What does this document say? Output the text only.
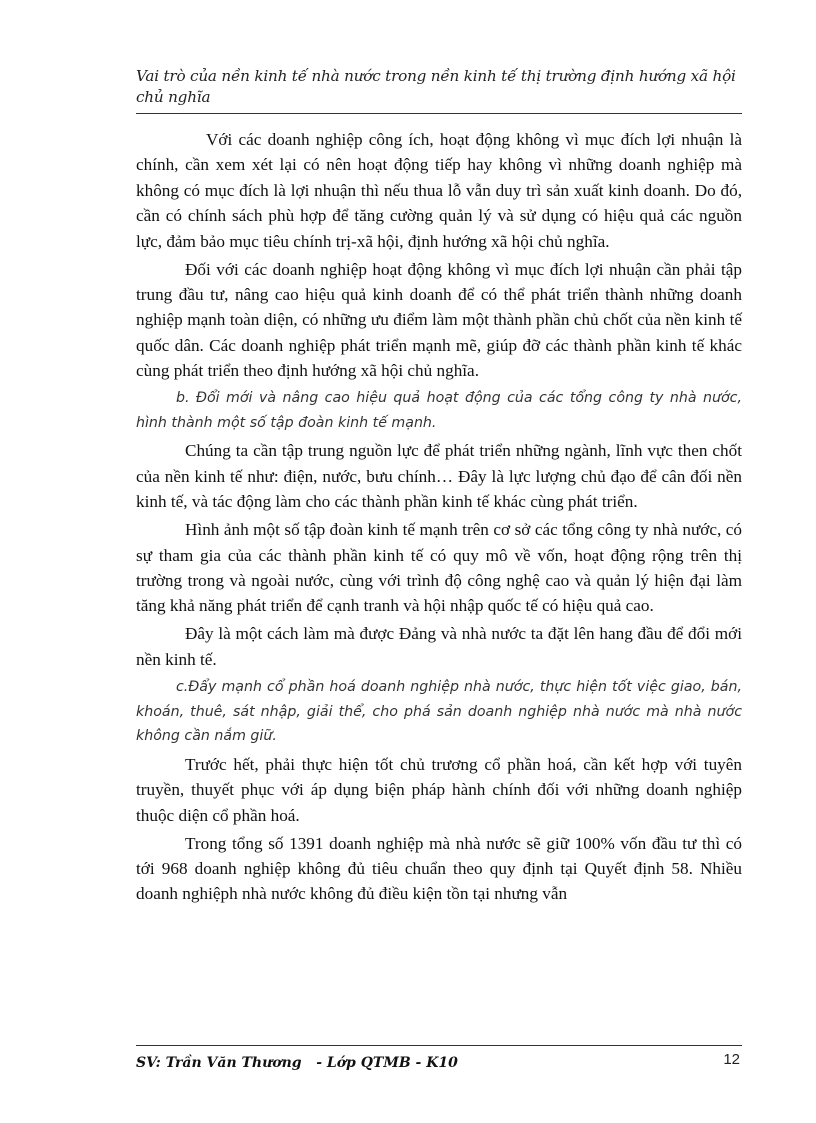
Vai trò của nền kinh tế nhà nước trong nền kinh tế thị trường định hướng xã hội chủ nghĩa

Với các doanh nghiệp công ích, hoạt động không vì mục đích lợi nhuận là chính, cần xem xét lại có nên hoạt động tiếp hay không vì những doanh nghiệp mà không có mục đích là lợi nhuận thì nếu thua lỗ vẫn duy trì sản xuất kinh doanh. Do đó, cần có chính sách phù hợp để tăng cường quản lý và sử dụng có hiệu quả các nguồn lực, đảm bảo mục tiêu chính trị-xã hội, định hướng xã hội chủ nghĩa.

Đối với các doanh nghiệp hoạt động không vì mục đích lợi nhuận cần phải tập trung đầu tư, nâng cao hiệu quả kinh doanh để có thể phát triển thành những doanh nghiệp mạnh toàn diện, có những ưu điểm làm một thành phần chủ chốt của nền kinh tế quốc dân. Các doanh nghiệp phát triển mạnh mẽ, giúp đỡ các thành phần kinh tế khác cùng phát triển theo định hướng xã hội chủ nghĩa.

b. Đổi mới và nâng cao hiệu quả hoạt động của các tổng công ty nhà nước, hình thành một số tập đoàn kinh tế mạnh.

Chúng ta cần tập trung nguồn lực để phát triển những ngành, lĩnh vực then chốt của nền kinh tế như: điện, nước, bưu chính… Đây là lực lượng chủ đạo để cân đối nền kinh tế, và tác động làm cho các thành phần kinh tế khác cùng phát triển.

Hình ảnh một số tập đoàn kinh tế mạnh trên cơ sở các tổng công ty nhà nước, có sự tham gia của các thành phần kinh tế có quy mô về vốn, hoạt động rộng trên thị trường trong và ngoài nước, cùng với trình độ công nghệ cao và quản lý hiện đại làm tăng khả năng phát triển để cạnh tranh và hội nhập quốc tế có hiệu quả cao.

Đây là một cách làm mà được Đảng và nhà nước ta đặt lên hang đầu để đổi mới nền kinh tế.

c.Đẩy mạnh cổ phần hoá doanh nghiệp nhà nước, thực hiện tốt việc giao, bán, khoán, thuê, sát nhập, giải thể, cho phá sản doanh nghiệp nhà nước mà nhà nước không cần nắm giữ.

Trước hết, phải thực hiện tốt chủ trương cổ phần hoá, cần kết hợp với tuyên truyền, thuyết phục với áp dụng biện pháp hành chính đối với những doanh nghiệp thuộc diện cổ phần hoá.

Trong tổng số 1391 doanh nghiệp mà nhà nước sẽ giữ 100% vốn đầu tư thì có tới 968 doanh nghiệp không đủ tiêu chuẩn theo quy định tại Quyết định 58. Nhiều doanh nghiệph nhà nước không đủ điều kiện tồn tại nhưng vẫn

SV: Trần Văn Thương   - Lớp QTMB - K10	12
